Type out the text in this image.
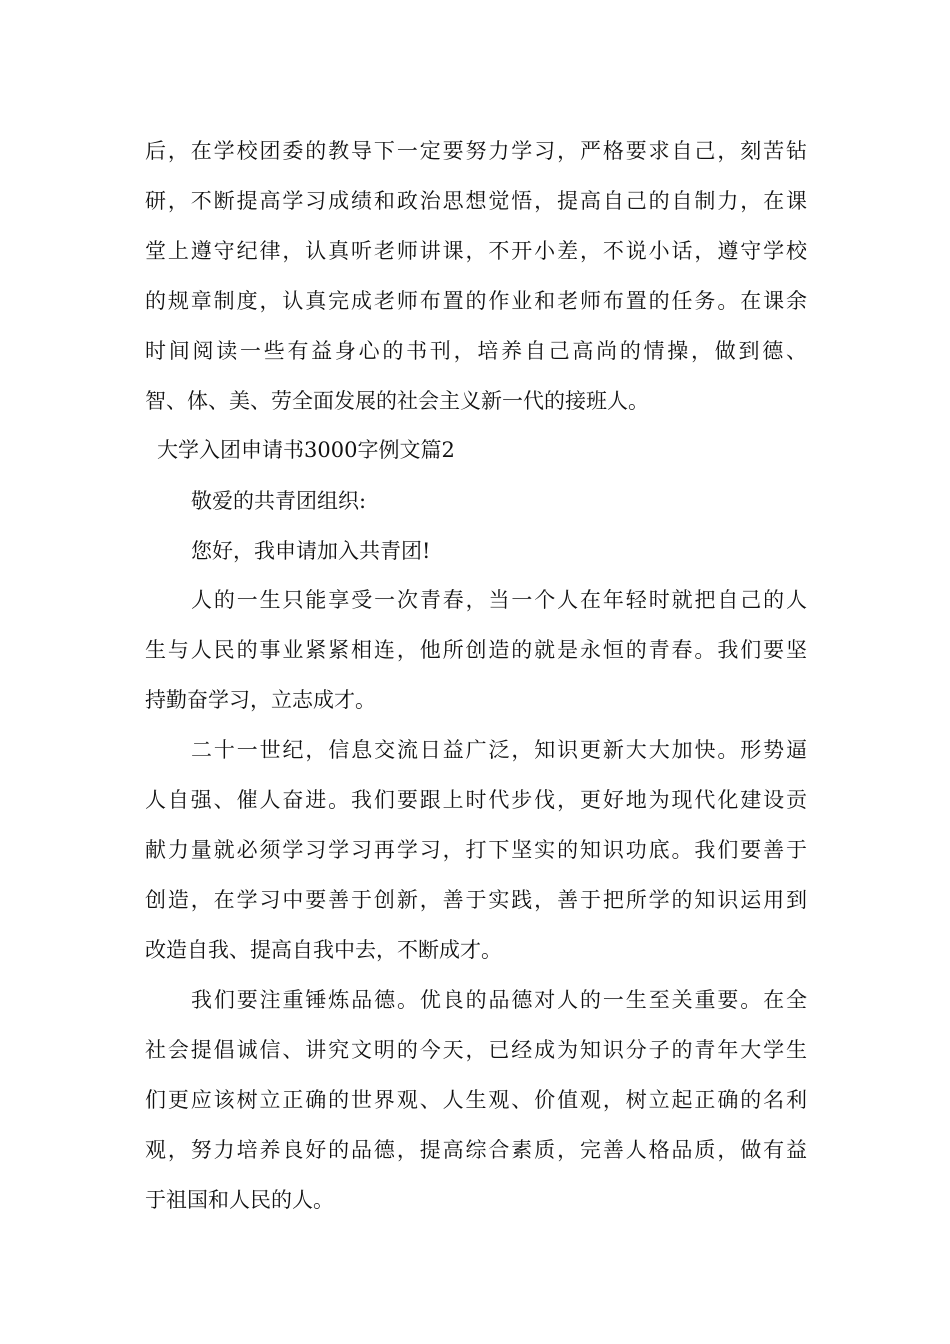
后，在学校团委的教导下一定要努力学习，严格要求自己，刻苦钻
研，不断提高学习成绩和政治思想觉悟，提高自己的自制力，在课
堂上遵守纪律，认真听老师讲课，不开小差，不说小话，遵守学校
的规章制度，认真完成老师布置的作业和老师布置的任务。在课余
时间阅读一些有益身心的书刊，培养自己高尚的情操，做到德、
智、体、美、劳全面发展的社会主义新一代的接班人。
大学入团申请书3000字例文篇2
敬爱的共青团组织:
您好，我申请加入共青团!
人的一生只能享受一次青春，当一个人在年轻时就把自己的人
生与人民的事业紧紧相连，他所创造的就是永恒的青春。我们要坚
持勤奋学习，立志成才。
二十一世纪，信息交流日益广泛，知识更新大大加快。形势逼
人自强、催人奋进。我们要跟上时代步伐，更好地为现代化建设贡
献力量就必须学习学习再学习，打下坚实的知识功底。我们要善于
创造，在学习中要善于创新，善于实践，善于把所学的知识运用到
改造自我、提高自我中去，不断成才。
我们要注重锤炼品德。优良的品德对人的一生至关重要。在全
社会提倡诚信、讲究文明的今天，已经成为知识分子的青年大学生
们更应该树立正确的世界观、人生观、价值观，树立起正确的名利
观，努力培养良好的品德，提高综合素质，完善人格品质，做有益
于祖国和人民的人。
